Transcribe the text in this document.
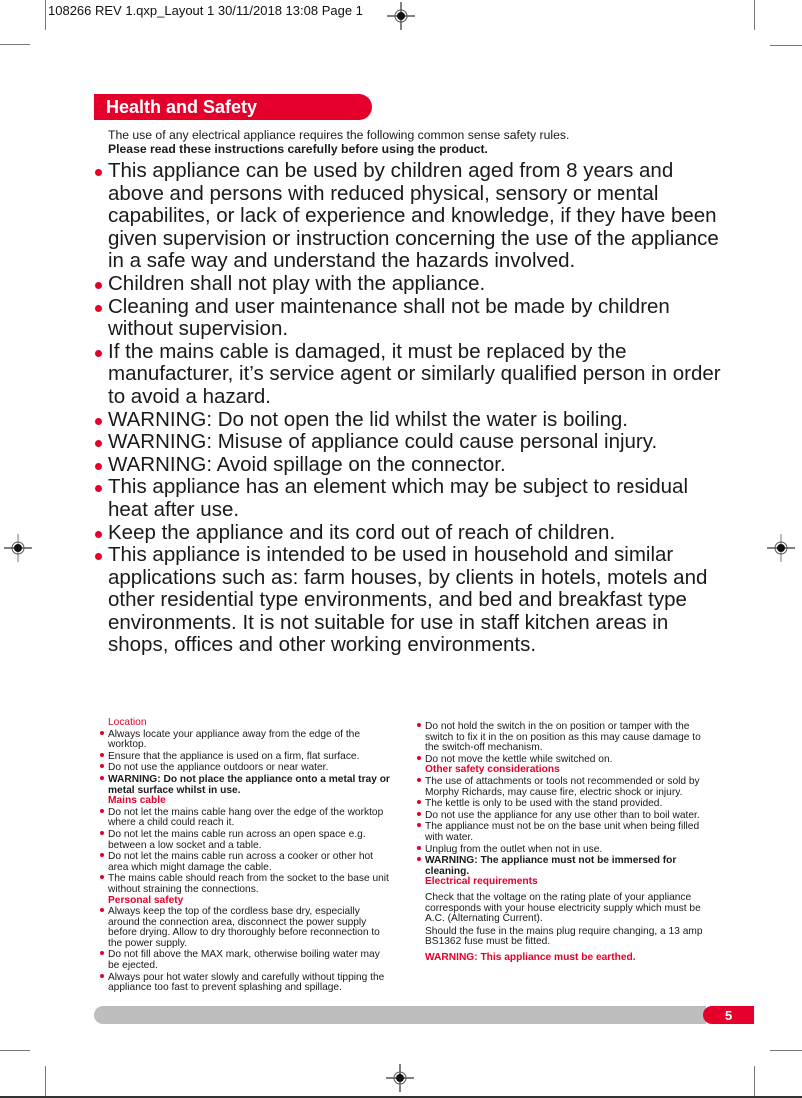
108266 REV 1.qxp_Layout 1 30/11/2018 13:08 Page 1
Health and Safety
The use of any electrical appliance requires the following common sense safety rules.
Please read these instructions carefully before using the product.
This appliance can be used by children aged from 8 years and above and persons with reduced physical, sensory or mental capabilites, or lack of experience and knowledge, if they have been given supervision or instruction concerning the use of the appliance in a safe way and understand the hazards involved.
Children shall not play with the appliance.
Cleaning and user maintenance shall not be made by children without supervision.
If the mains cable is damaged, it must be replaced by the manufacturer, it’s service agent or similarly qualified person in order to avoid a hazard.
WARNING: Do not open the lid whilst the water is boiling.
WARNING: Misuse of appliance could cause personal injury.
WARNING: Avoid spillage on the connector.
This appliance has an element which may be subject to residual heat after use.
Keep the appliance and its cord out of reach of children.
This appliance is intended to be used in household and similar applications such as: farm houses, by clients in hotels, motels and other residential type environments, and bed and breakfast type environments. It is not suitable for use in staff kitchen areas in shops, offices and other working environments.
Location
Always locate your appliance away from the edge of the worktop.
Ensure that the appliance is used on a firm, flat surface.
Do not use the appliance outdoors or near water.
WARNING: Do not place the appliance onto a metal tray or metal surface whilst in use.
Mains cable
Do not let the mains cable hang over the edge of the worktop where a child could reach it.
Do not let the mains cable run across an open space e.g. between a low socket and a table.
Do not let the mains cable run across a cooker or other hot area which might damage the cable.
The mains cable should reach from the socket to the base unit without straining the connections.
Personal safety
Always keep the top of the cordless base dry, especially around the connection area, disconnect the power supply before drying. Allow to dry thoroughly before reconnection to the power supply.
Do not fill above the MAX mark, otherwise boiling water may be ejected.
Always pour hot water slowly and carefully without tipping the appliance too fast to prevent splashing and spillage.
Do not hold the switch in the on position or tamper with the switch to fix it in the on position as this may cause damage to the switch-off mechanism.
Do not move the kettle while switched on.
Other safety considerations
The use of attachments or tools not recommended or sold by Morphy Richards, may cause fire, electric shock or injury.
The kettle is only to be used with the stand provided.
Do not use the appliance for any use other than to boil water.
The appliance must not be on the base unit when being filled with water.
Unplug from the outlet when not in use.
WARNING: The appliance must not be immersed for cleaning.
Electrical requirements
Check that the voltage on the rating plate of your appliance corresponds with your house electricity supply which must be A.C. (Alternating Current).
Should the fuse in the mains plug require changing, a 13 amp BS1362 fuse must be fitted.
WARNING: This appliance must be earthed.
5
